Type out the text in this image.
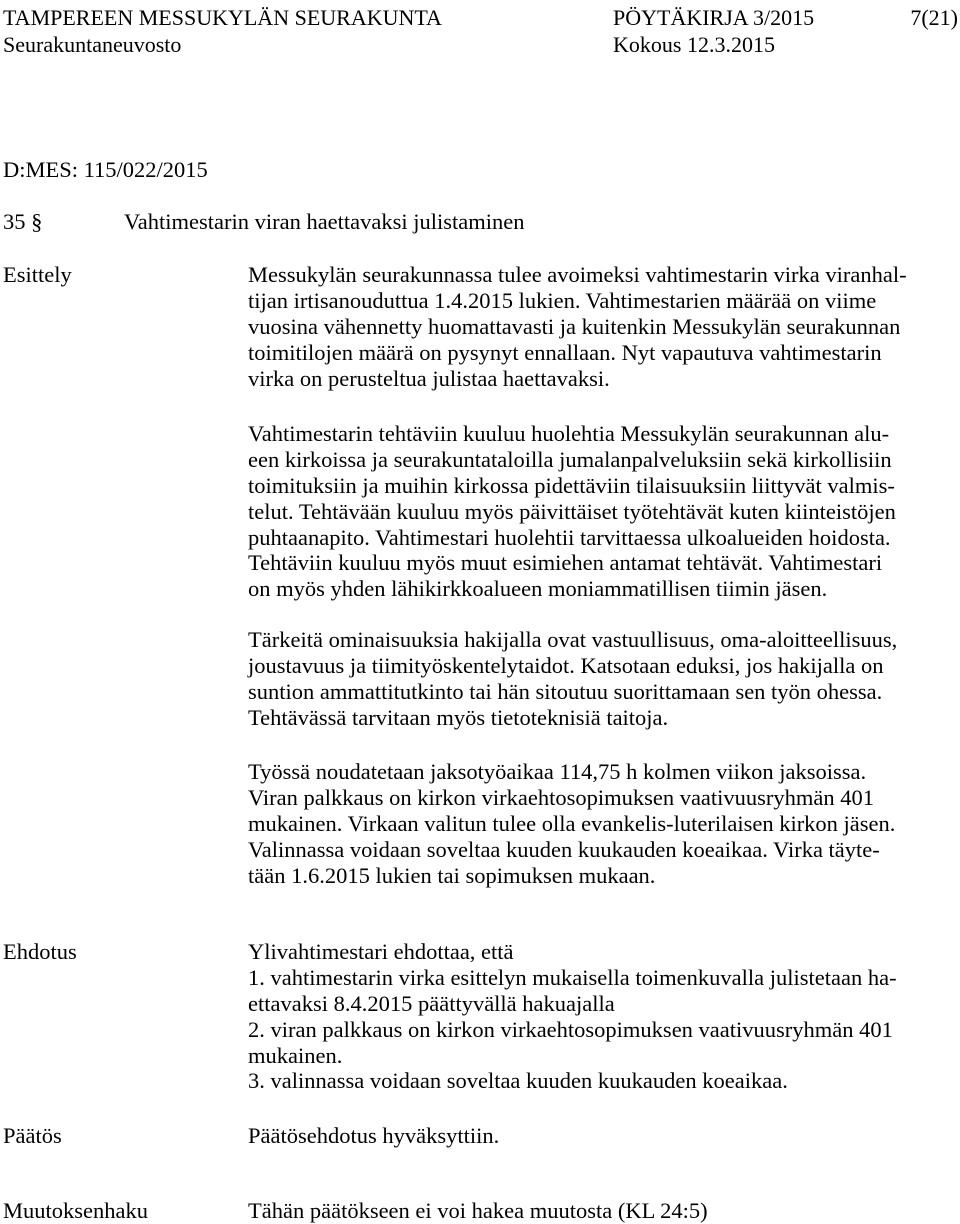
TAMPEREEN MESSUKYLÄN SEURAKUNTA	PÖYTÄKIRJA 3/2015	7(21)
Seurakuntaneuvosto	Kokous 12.3.2015
D:MES: 115/022/2015
35 §	Vahtimestarin viran haettavaksi julistaminen
Esittely	Messukylän seurakunnassa tulee avoimeksi vahtimestarin virka viranhal-
tijan irtisanouduttua 1.4.2015 lukien. Vahtimestarien määrää on viime
vuosina vähennetty huomattavasti ja kuitenkin Messukylän seurakunnan
toimitilojen määrä on pysynyt ennallaan. Nyt vapautuva vahtimestarin
virka on perusteltua julistaa haettavaksi.
Vahtimestarin tehtäviin kuuluu huolehtia Messukylän seurakunnan alu-
een kirkoissa ja seurakuntataloilla jumalanpalveluksiin sekä kirkollisiin
toimituksiin ja muihin kirkossa pidettäviin tilaisuuksiin liittyvät valmis-
telut. Tehtävään kuuluu myös päivittäiset työtehtävät kuten kiinteistöjen
puhtaanapito. Vahtimestari huolehtii tarvittaessa ulkoalueiden hoidosta.
Tehtäviin kuuluu myös muut esimiehen antamat tehtävät. Vahtimestari
on myös yhden lähikirkkoalueen moniammatillisen tiimin jäsen.
Tärkeitä ominaisuuksia hakijalla ovat vastuullisuus, oma-aloitteellisuus,
joustavuus ja tiimityöskentelytaidot. Katsotaan eduksi, jos hakijalla on
suntion ammattitutkinto tai hän sitoutuu suorittamaan sen työn ohessa.
Tehtävässä tarvitaan myös tietoteknisiä taitoja.
Työssä noudatetaan jaksotyöaikaa 114,75 h kolmen viikon jaksoissa.
Viran palkkaus on kirkon virkaehtosopimuksen vaativuusryhmän 401
mukainen. Virkaan valitun tulee olla evankelis-luterilaisen kirkon jäsen.
Valinnassa voidaan soveltaa kuuden kuukauden koeaikaa. Virka täyte-
tään 1.6.2015 lukien tai sopimuksen mukaan.
Ehdotus	Ylivahtimestari ehdottaa, että
1. vahtimestarin virka esittelyn mukaisella toimenkuvalla julistetaan ha-
ettavaksi 8.4.2015 päättyvällä hakuajalla
2. viran palkkaus on kirkon virkaehtosopimuksen vaativuusryhmän 401
mukainen.
3. valinnassa voidaan soveltaa kuuden kuukauden koeaikaa.
Päätös	Päätösehdotus hyväksyttiin.
Muutoksenhaku	Tähän päätökseen ei voi hakea muutosta (KL 24:5)
